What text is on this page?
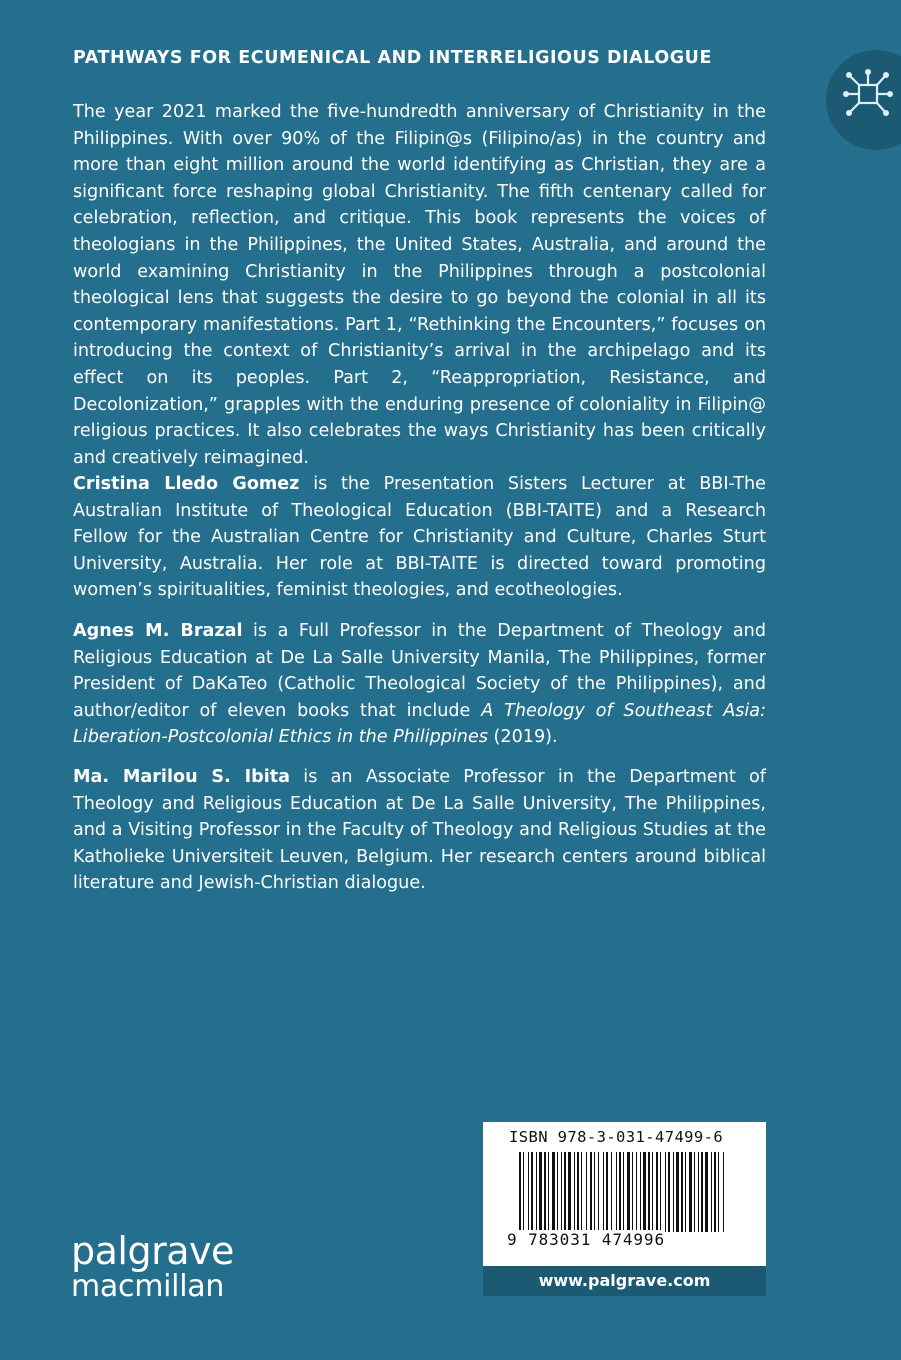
PATHWAYS FOR ECUMENICAL AND INTERRELIGIOUS DIALOGUE

The year 2021 marked the five-hundredth anniversary of Christianity in the Philippines. With over 90% of the Filipin@s (Filipino/as) in the country and more than eight million around the world identifying as Christian, they are a significant force reshaping global Christianity. The fifth centenary called for celebration, reflection, and critique. This book represents the voices of theologians in the Philippines, the United States, Australia, and around the world examining Christianity in the Philippines through a postcolonial theological lens that suggests the desire to go beyond the colonial in all its contemporary manifestations. Part 1, “Rethinking the Encounters,” focuses on introducing the context of Christianity’s arrival in the archipelago and its effect on its peoples. Part 2, “Reappropriation, Resistance, and Decolonization,” grapples with the enduring presence of coloniality in Filipin@ religious practices. It also celebrates the ways Christianity has been critically and creatively reimagined.

Cristina Lledo Gomez is the Presentation Sisters Lecturer at BBI-The Australian Institute of Theological Education (BBI-TAITE) and a Research Fellow for the Australian Centre for Christianity and Culture, Charles Sturt University, Australia. Her role at BBI-TAITE is directed toward promoting women’s spiritualities, feminist theologies, and ecotheologies.

Agnes M. Brazal is a Full Professor in the Department of Theology and Religious Education at De La Salle University Manila, The Philippines, former President of DaKaTeo (Catholic Theological Society of the Philippines), and author/editor of eleven books that include A Theology of Southeast Asia: Liberation-Postcolonial Ethics in the Philippines (2019).

Ma. Marilou S. Ibita is an Associate Professor in the Department of Theology and Religious Education at De La Salle University, The Philippines, and a Visiting Professor in the Faculty of Theology and Religious Studies at the Katholieke Universiteit Leuven, Belgium. Her research centers around biblical literature and Jewish-Christian dialogue.

palgrave
macmillan
ISBN 978-3-031-47499-6
9 783031 474996
www.palgrave.com
